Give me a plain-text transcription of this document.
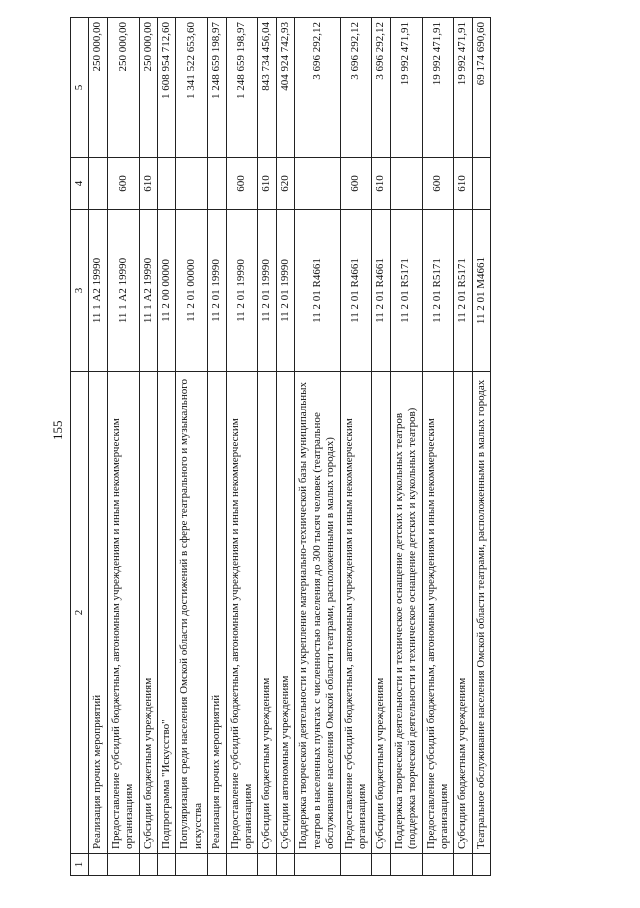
155
1	2	3	4	5
	Реализация прочих мероприятий	11 1 А2 19990		250 000,00
	Предоставление субсидий бюджетным, автономным учреждениям и иным некоммерческим организациям	11 1 А2 19990	600	250 000,00
	Субсидии бюджетным учреждениям	11 1 А2 19990	610	250 000,00
	Подпрограмма "Искусство"	11 2 00 00000		1 608 954 712,60
	Популяризация среди населения Омской области достижений в сфере театрального и музыкального искусства	11 2 01 00000		1 341 522 653,60
	Реализация прочих мероприятий	11 2 01 19990		1 248 659 198,97
	Предоставление субсидий бюджетным, автономным учреждениям и иным некоммерческим организациям	11 2 01 19990	600	1 248 659 198,97
	Субсидии бюджетным учреждениям	11 2 01 19990	610	843 734 456,04
	Субсидии автономным учреждениям	11 2 01 19990	620	404 924 742,93
	Поддержка творческой деятельности и укрепление материально-технической базы муниципальных театров в населенных пунктах с численностью населения до 300 тысяч человек (театральное обслуживание населения Омской области театрами, расположенными в малых городах)	11 2 01 R4661		3 696 292,12
	Предоставление субсидий бюджетным, автономным учреждениям и иным некоммерческим организациям	11 2 01 R4661	600	3 696 292,12
	Субсидии бюджетным учреждениям	11 2 01 R4661	610	3 696 292,12
	Поддержка творческой деятельности и техническое оснащение детских и кукольных театров (поддержка творческой деятельности и техническое оснащение детских и кукольных театров)	11 2 01 R5171		19 992 471,91
	Предоставление субсидий бюджетным, автономным учреждениям и иным некоммерческим организациям	11 2 01 R5171	600	19 992 471,91
	Субсидии бюджетным учреждениям	11 2 01 R5171	610	19 992 471,91
	Театральное обслуживание населения Омской области театрами, расположенными в малых городах	11 2 01 М4661		69 174 690,60
